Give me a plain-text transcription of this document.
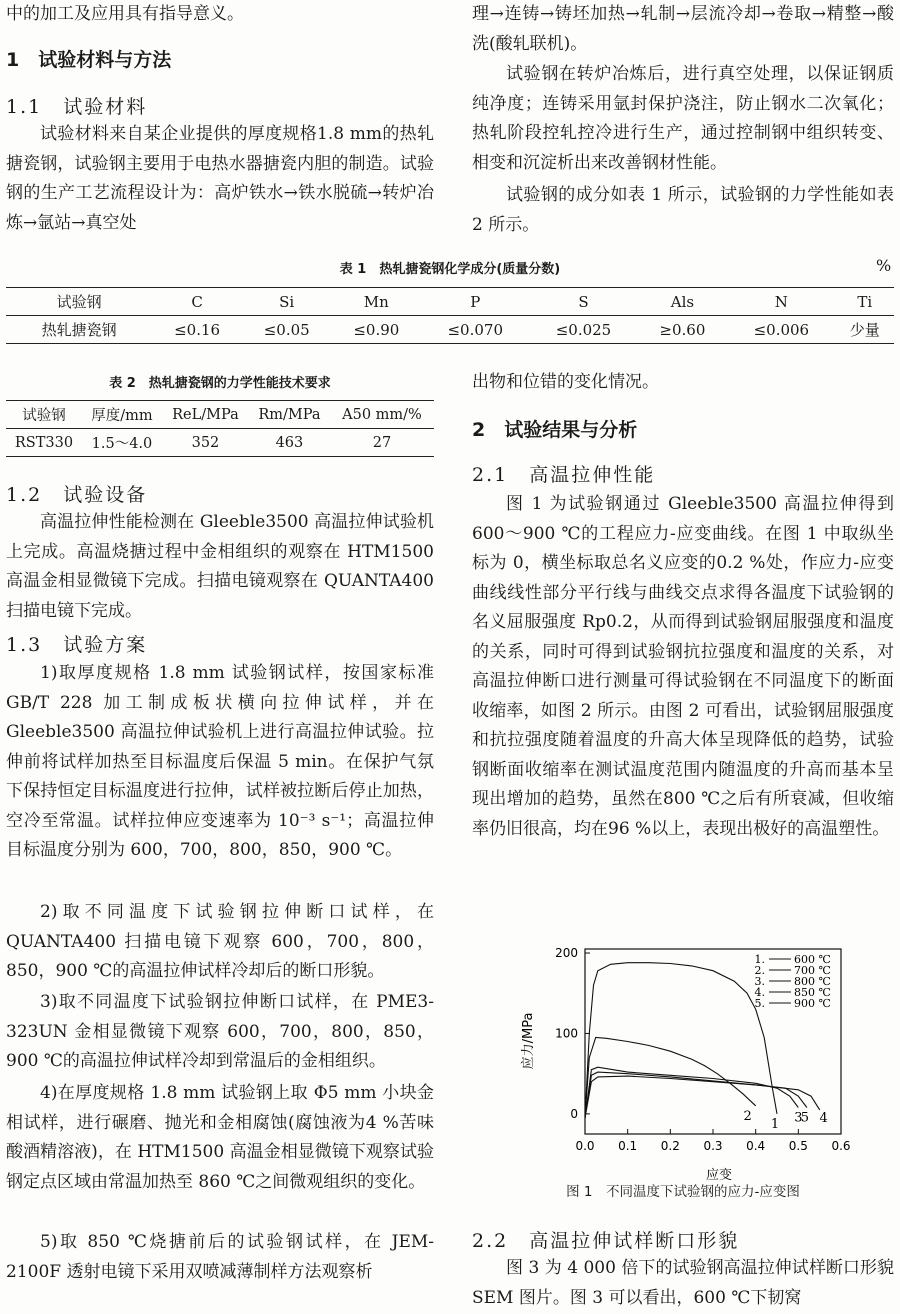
中的加工及应用具有指导意义。

1　试验材料与方法
1.1　试验材料

试验材料来自某企业提供的厚度规格1.8 mm的热轧搪瓷钢，试验钢主要用于电热水器搪瓷内胆的制造。试验钢的生产工艺流程设计为：高炉铁水→铁水脱硫→转炉冶炼→氩站→真空处

理→连铸→铸坯加热→轧制→层流冷却→卷取→精整→酸洗(酸轧联机)。

试验钢在转炉冶炼后，进行真空处理，以保证钢质纯净度；连铸采用氩封保护浇注，防止钢水二次氧化；热轧阶段控轧控冷进行生产，通过控制钢中组织转变、相变和沉淀析出来改善钢材性能。

试验钢的成分如表 1 所示，试验钢的力学性能如表 2 所示。

表 1　热轧搪瓷钢化学成分(质量分数)	%
试验钢	C	Si	Mn	P	S	Als	N	Ti
热轧搪瓷钢	≤0.16	≤0.05	≤0.90	≤0.070	≤0.025	≥0.60	≤0.006	少量
表 2　热轧搪瓷钢的力学性能技术要求
试验钢	厚度/mm	ReL/MPa	Rm/MPa	A50 mm/%
RST330	1.5～4.0	352	463	27
1.2　试验设备

高温拉伸性能检测在 Gleeble3500 高温拉伸试验机上完成。高温烧搪过程中金相组织的观察在 HTM1500 高温金相显微镜下完成。扫描电镜观察在 QUANTA400 扫描电镜下完成。

1.3　试验方案

1)取厚度规格 1.8 mm 试验钢试样，按国家标准 GB/T 228 加工制成板状横向拉伸试样，并在 Gleeble3500 高温拉伸试验机上进行高温拉伸试验。拉伸前将试样加热至目标温度后保温 5 min。在保护气氛下保持恒定目标温度进行拉伸，试样被拉断后停止加热，空冷至常温。试样拉伸应变速率为 10⁻³ s⁻¹；高温拉伸目标温度分别为 600，700，800，850，900 ℃。

2)取不同温度下试验钢拉伸断口试样，在 QUANTA400 扫描电镜下观察 600，700，800，850，900 ℃的高温拉伸试样冷却后的断口形貌。

3)取不同温度下试验钢拉伸断口试样，在 PME3-323UN 金相显微镜下观察 600，700，800，850，900 ℃的高温拉伸试样冷却到常温后的金相组织。

4)在厚度规格 1.8 mm 试验钢上取 Φ5 mm 小块金相试样，进行碾磨、抛光和金相腐蚀(腐蚀液为4 %苦味酸酒精溶液)，在 HTM1500 高温金相显微镜下观察试验钢定点区域由常温加热至 860 ℃之间微观组织的变化。

5)取 850 ℃烧搪前后的试验钢试样，在 JEM-2100F 透射电镜下采用双喷减薄制样方法观察析

出物和位错的变化情况。

2　试验结果与分析
2.1　高温拉伸性能

图 1 为试验钢通过 Gleeble3500 高温拉伸得到 600～900 ℃的工程应力-应变曲线。在图 1 中取纵坐标为 0，横坐标取总名义应变的0.2 %处，作应力-应变曲线线性部分平行线与曲线交点求得各温度下试验钢的名义屈服强度 Rp0.2，从而得到试验钢屈服强度和温度的关系，同时可得到试验钢抗拉强度和温度的关系，对高温拉伸断口进行测量可得试验钢在不同温度下的断面收缩率，如图 2 所示。由图 2 可看出，试验钢屈服强度和抗拉强度随着温度的升高大体呈现降低的趋势，试验钢断面收缩率在测试温度范围内随温度的升高而基本呈现出增加的趋势，虽然在800 ℃之后有所衰减，但收缩率仍旧很高，均在96 %以上，表现出极好的高温塑性。

0.0 0.1 0.2 0.3 0.4 0.5 0.6
0
100
200	1.	600 ℃
2.	700 ℃
3.	800 ℃
4.	850 ℃
5.	900 ℃
1
2	3 4
5
应力/MPa
应变
图 1　不同温度下试验钢的应力-应变图
2.2　高温拉伸试样断口形貌

图 3 为 4 000 倍下的试验钢高温拉伸试样断口形貌 SEM 图片。图 3 可以看出，600 ℃下韧窝
